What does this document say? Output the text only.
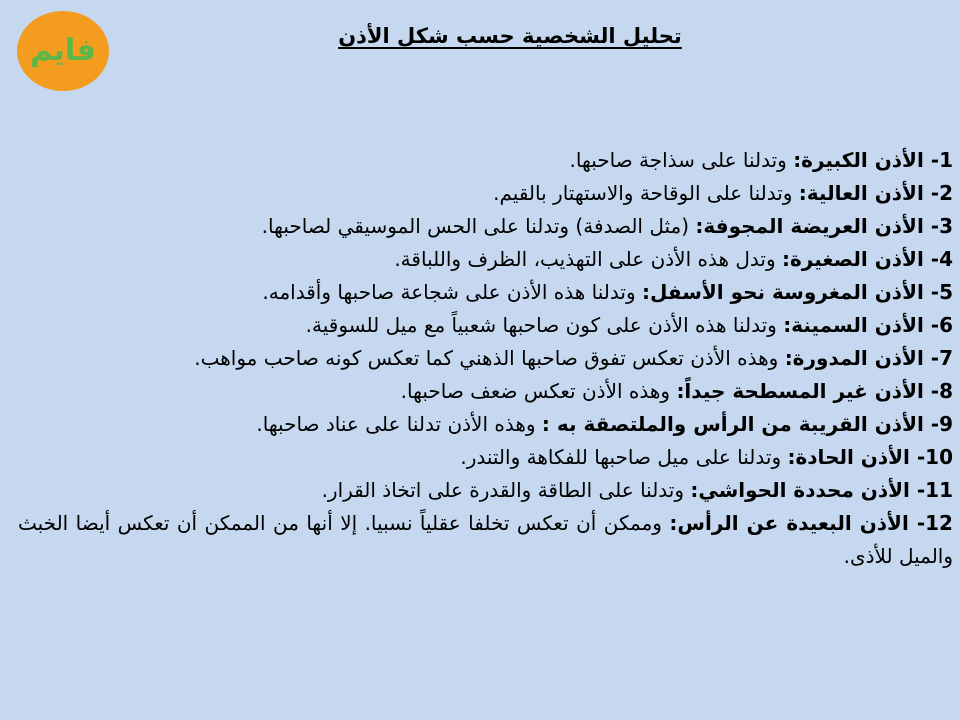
فايم	تحليل الشخصية حسب شكل الأذن
1- الأذن الكبيرة: وتدلنا على سذاجة صاحبها.
2- الأذن العالية: وتدلنا على الوقاحة والاستهتار بالقيم.
3- الأذن العريضة المجوفة: (مثل الصدفة) وتدلنا على الحس الموسيقي لصاحبها.
4- الأذن الصغيرة: وتدل هذه الأذن على التهذيب، الظرف واللباقة.
5- الأذن المغروسة نحو الأسفل: وتدلنا هذه الأذن على شجاعة صاحبها وأقدامه.
6- الأذن السمينة: وتدلنا هذه الأذن على كون صاحبها شعبياً مع ميل للسوقية.
7- الأذن المدورة: وهذه الأذن تعكس تفوق صاحبها الذهني كما تعكس كونه صاحب مواهب.
8- الأذن غير المسطحة جيداً: وهذه الأذن تعكس ضعف صاحبها.
9- الأذن القريبة من الرأس والملتصقة به : وهذه الأذن تدلنا على عناد صاحبها.
10- الأذن الحادة: وتدلنا على ميل صاحبها للفكاهة والتندر.
11- الأذن محددة الحواشي: وتدلنا على الطاقة والقدرة على اتخاذ القرار.
12- الأذن البعيدة عن الرأس: وممكن أن تعكس تخلفا عقلياً نسبيا. إلا أنها من الممكن أن تعكس أيضا الخبث والميل للأذى.
